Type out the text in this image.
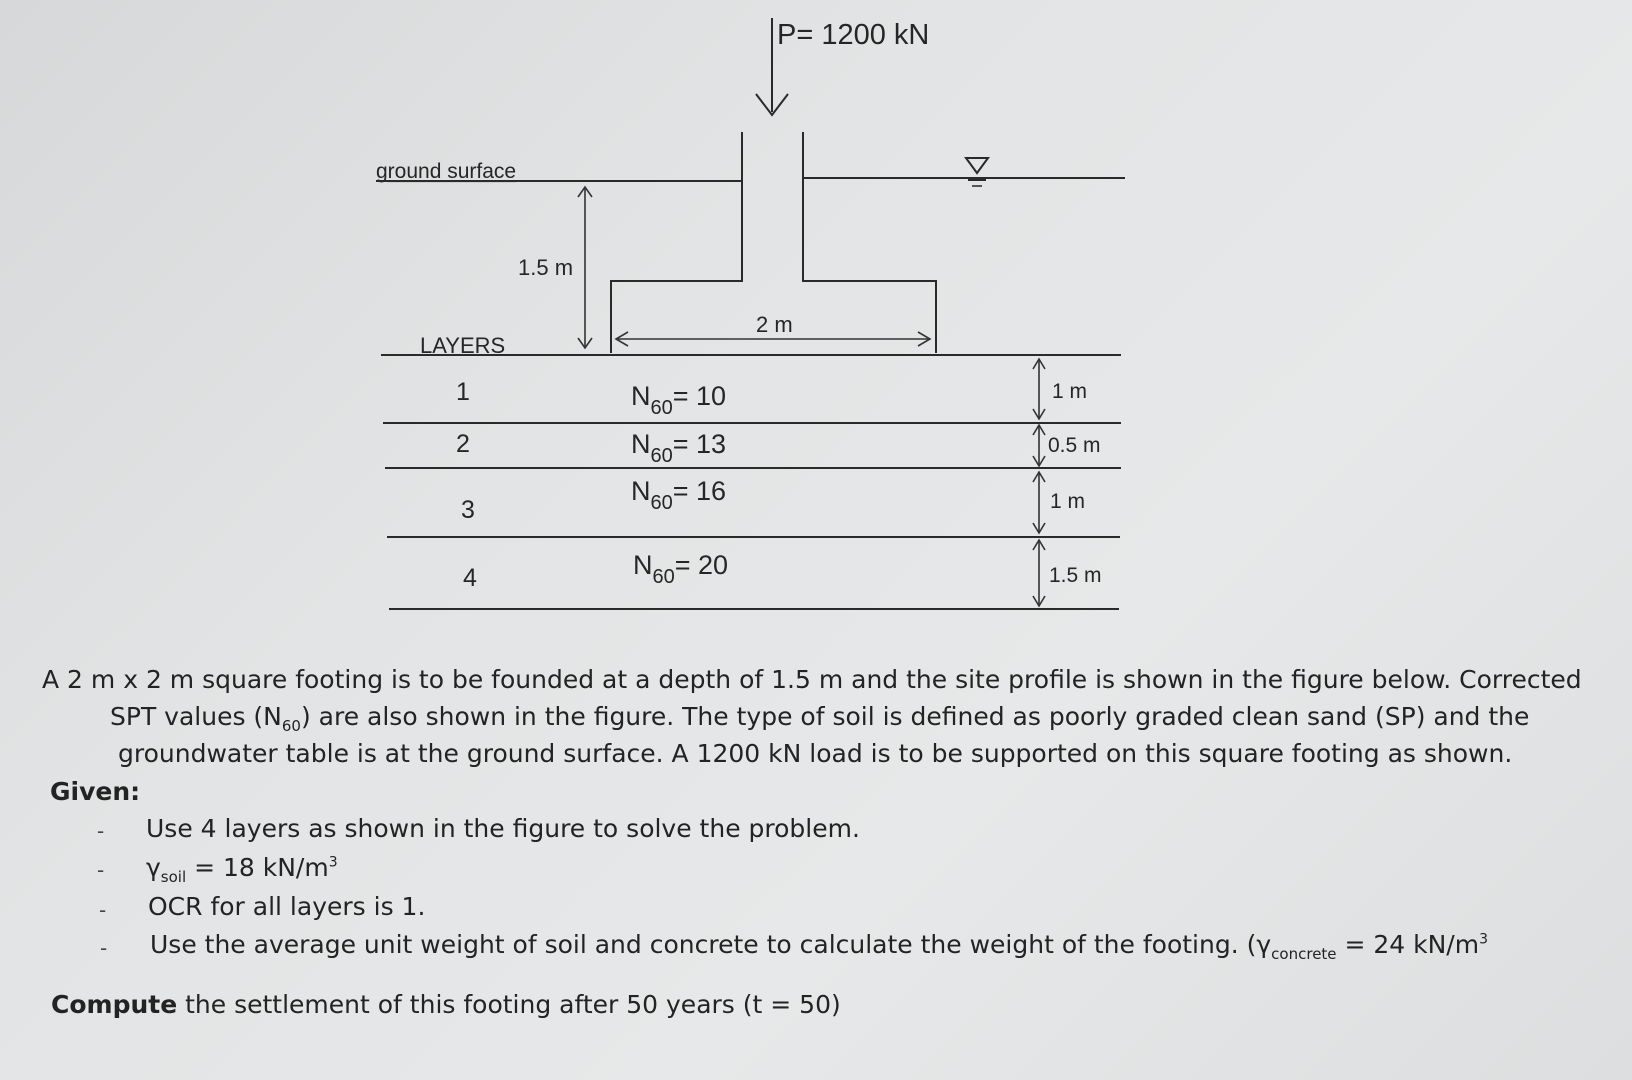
P= 1200 kN
ground surface
1.5 m
2 m
LAYERS
1
2
3
4
$N_{60}= 10$
$N_{60}= 13$
$N_{60}= 16$
$N_{60}= 20$
1 m
0.5 m
1 m
1.5 m
A 2 m x 2 m square footing is to be founded at a depth of 1.5 m and the site profile is shown in the figure below. Corrected
SPT values $(N_{60})$ are also shown in the figure. The type of soil is defined as poorly graded clean sand (SP) and the
groundwater table is at the ground surface. A 1200 kN load is to be supported on this square footing as shown.
Given:
- Use 4 layers as shown in the figure to solve the problem.
- $\gamma_{soil} = 18$ $kN/m^3$
- OCR for all layers is 1.
- Use the average unit weight of soil and concrete to calculate the weight of the footing. ($\gamma_{concrete} = 24$ $kN/m^3$
Compute the settlement of this footing after 50 years (t = 50)
